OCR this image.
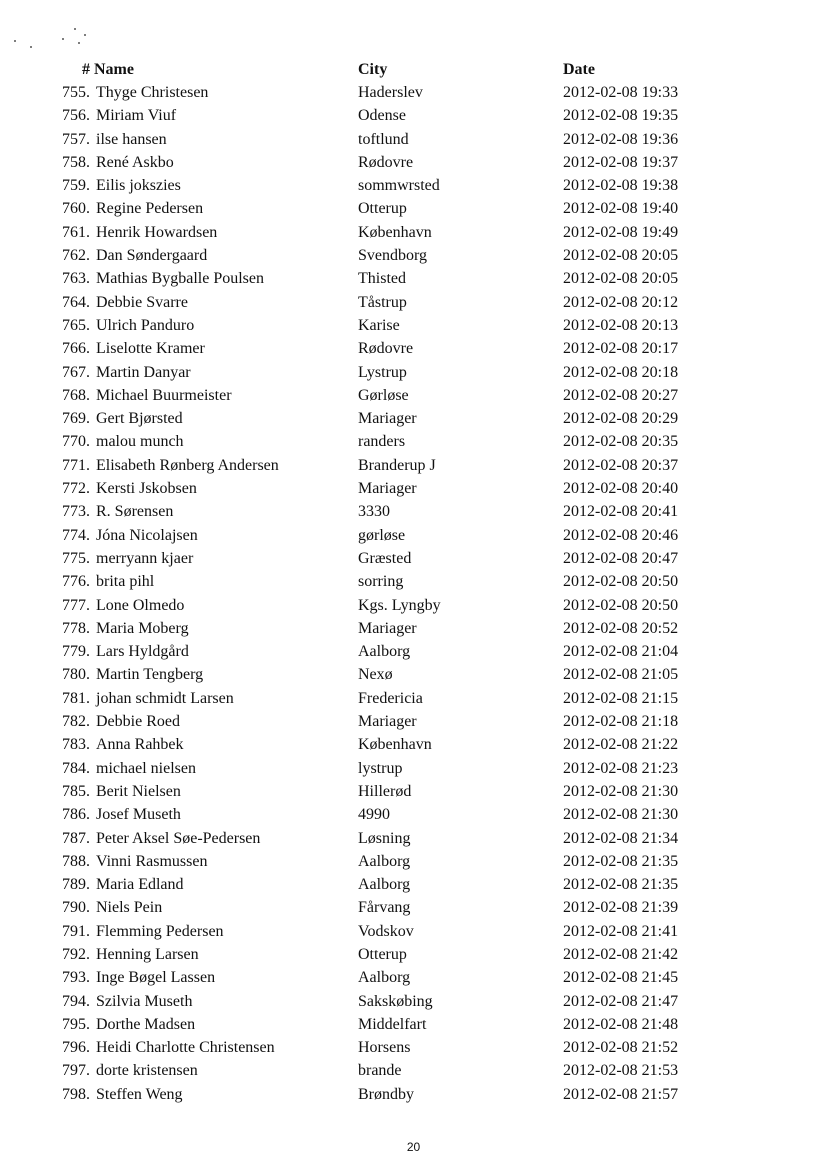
# Name	City	Date
755. Thyge Christesen	Haderslev	2012-02-08 19:33
756. Miriam Viuf	Odense	2012-02-08 19:35
757. ilse hansen	toftlund	2012-02-08 19:36
758. René Askbo	Rødovre	2012-02-08 19:37
759. Eilis jokszies	sommwrsted	2012-02-08 19:38
760. Regine Pedersen	Otterup	2012-02-08 19:40
761. Henrik Howardsen	København	2012-02-08 19:49
762. Dan Søndergaard	Svendborg	2012-02-08 20:05
763. Mathias Bygballe Poulsen	Thisted	2012-02-08 20:05
764. Debbie Svarre	Tåstrup	2012-02-08 20:12
765. Ulrich Panduro	Karise	2012-02-08 20:13
766. Liselotte Kramer	Rødovre	2012-02-08 20:17
767. Martin Danyar	Lystrup	2012-02-08 20:18
768. Michael Buurmeister	Gørløse	2012-02-08 20:27
769. Gert Bjørsted	Mariager	2012-02-08 20:29
770. malou munch	randers	2012-02-08 20:35
771. Elisabeth Rønberg Andersen	Branderup J	2012-02-08 20:37
772. Kersti Jskobsen	Mariager	2012-02-08 20:40
773. R. Sørensen	3330	2012-02-08 20:41
774. Jóna Nicolajsen	gørløse	2012-02-08 20:46
775. merryann kjaer	Græsted	2012-02-08 20:47
776. brita pihl	sorring	2012-02-08 20:50
777. Lone Olmedo	Kgs. Lyngby	2012-02-08 20:50
778. Maria Moberg	Mariager	2012-02-08 20:52
779. Lars Hyldgård	Aalborg	2012-02-08 21:04
780. Martin Tengberg	Nexø	2012-02-08 21:05
781. johan schmidt Larsen	Fredericia	2012-02-08 21:15
782. Debbie Roed	Mariager	2012-02-08 21:18
783. Anna Rahbek	København	2012-02-08 21:22
784. michael nielsen	lystrup	2012-02-08 21:23
785. Berit Nielsen	Hillerød	2012-02-08 21:30
786. Josef Museth	4990	2012-02-08 21:30
787. Peter Aksel Søe-Pedersen	Løsning	2012-02-08 21:34
788. Vinni Rasmussen	Aalborg	2012-02-08 21:35
789. Maria Edland	Aalborg	2012-02-08 21:35
790. Niels Pein	Fårvang	2012-02-08 21:39
791. Flemming Pedersen	Vodskov	2012-02-08 21:41
792. Henning Larsen	Otterup	2012-02-08 21:42
793. Inge Bøgel Lassen	Aalborg	2012-02-08 21:45
794. Szilvia Museth	Sakskøbing	2012-02-08 21:47
795. Dorthe Madsen	Middelfart	2012-02-08 21:48
796. Heidi Charlotte Christensen	Horsens	2012-02-08 21:52
797. dorte kristensen	brande	2012-02-08 21:53
798. Steffen Weng	Brøndby	2012-02-08 21:57
20
